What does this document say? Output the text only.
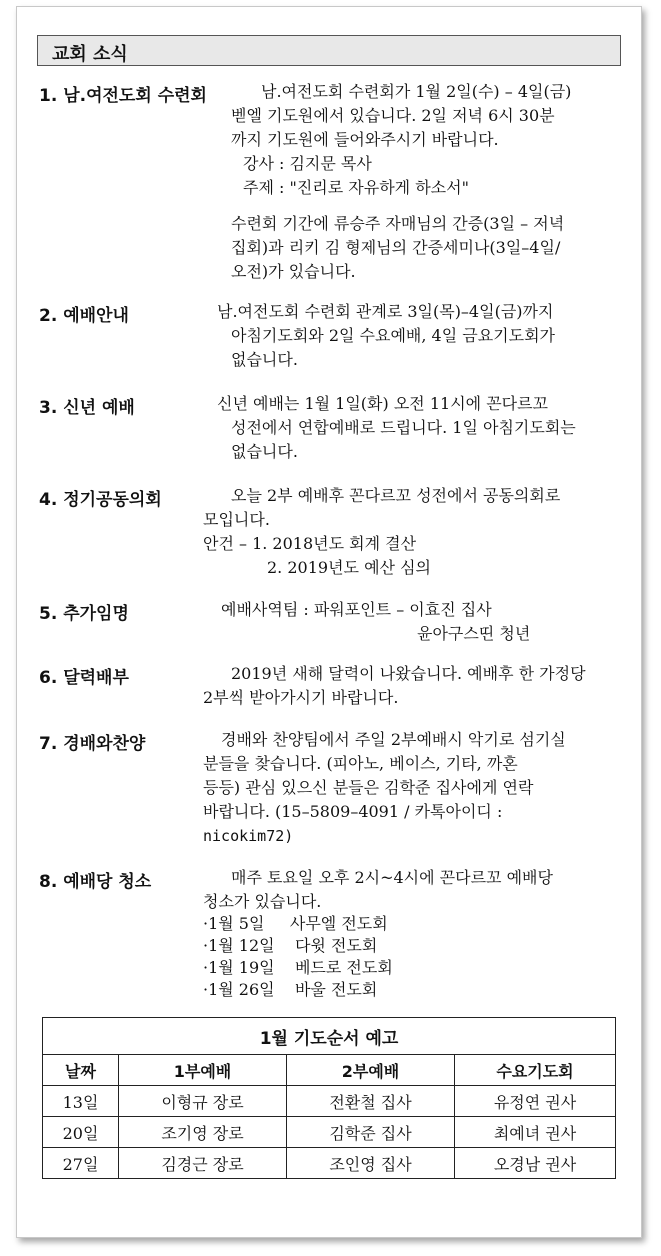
교회 소식
1. 남.여전도회 수련회	남.여전도회 수련회가 1월 2일(수) – 4일(금)
벧엘 기도원에서 있습니다. 2일 저녁 6시 30분
까지 기도원에 들어와주시기 바랍니다.
강사 : 김지문 목사
주제 : "진리로 자유하게 하소서"
수련회 기간에 류승주 자매님의 간증(3일 – 저녁
집회)과 리키 김 형제님의 간증세미나(3일–4일/
오전)가 있습니다.
2. 예배안내	남.여전도회 수련회 관계로 3일(목)–4일(금)까지
아침기도회와 2일 수요예배, 4일 금요기도회가
없습니다.
3. 신년 예배	신년 예배는 1월 1일(화) 오전 11시에 꼰다르꼬
성전에서 연합예배로 드립니다. 1일 아침기도회는
없습니다.
4. 정기공동의회	오늘 2부 예배후 꼰다르꼬 성전에서 공동의회로
모입니다.
안건 – 1. 2018년도 회계 결산
2. 2019년도 예산 심의
5. 추가임명	예배사역팀 : 파워포인트 – 이효진 집사
윤아구스띤 청년
6. 달력배부	2019년 새해 달력이 나왔습니다. 예배후 한 가정당
2부씩 받아가시기 바랍니다.
7. 경배와찬양	경배와 찬양팀에서 주일 2부예배시 악기로 섬기실
분들을 찾습니다. (피아노, 베이스, 기타, 까혼
등등) 관심 있으신 분들은 김학준 집사에게 연락
바랍니다. (15–5809–4091 / 카톡아이디 :
nicokim72)
8. 예배당 청소	매주 토요일 오후 2시~4시에 꼰다르꼬 예배당
청소가 있습니다.
·1월 5일     사무엘 전도회
·1월 12일    다윗 전도회
·1월 19일    베드로 전도회
·1월 26일    바울 전도회
1월 기도순서 예고			
날짜	1부예배	2부예배	수요기도회
13일	이형규 장로	전환철 집사	유정연 권사
20일	조기영 장로	김학준 집사	최예녀 권사
27일	김경근 장로	조인영 집사	오경남 권사
